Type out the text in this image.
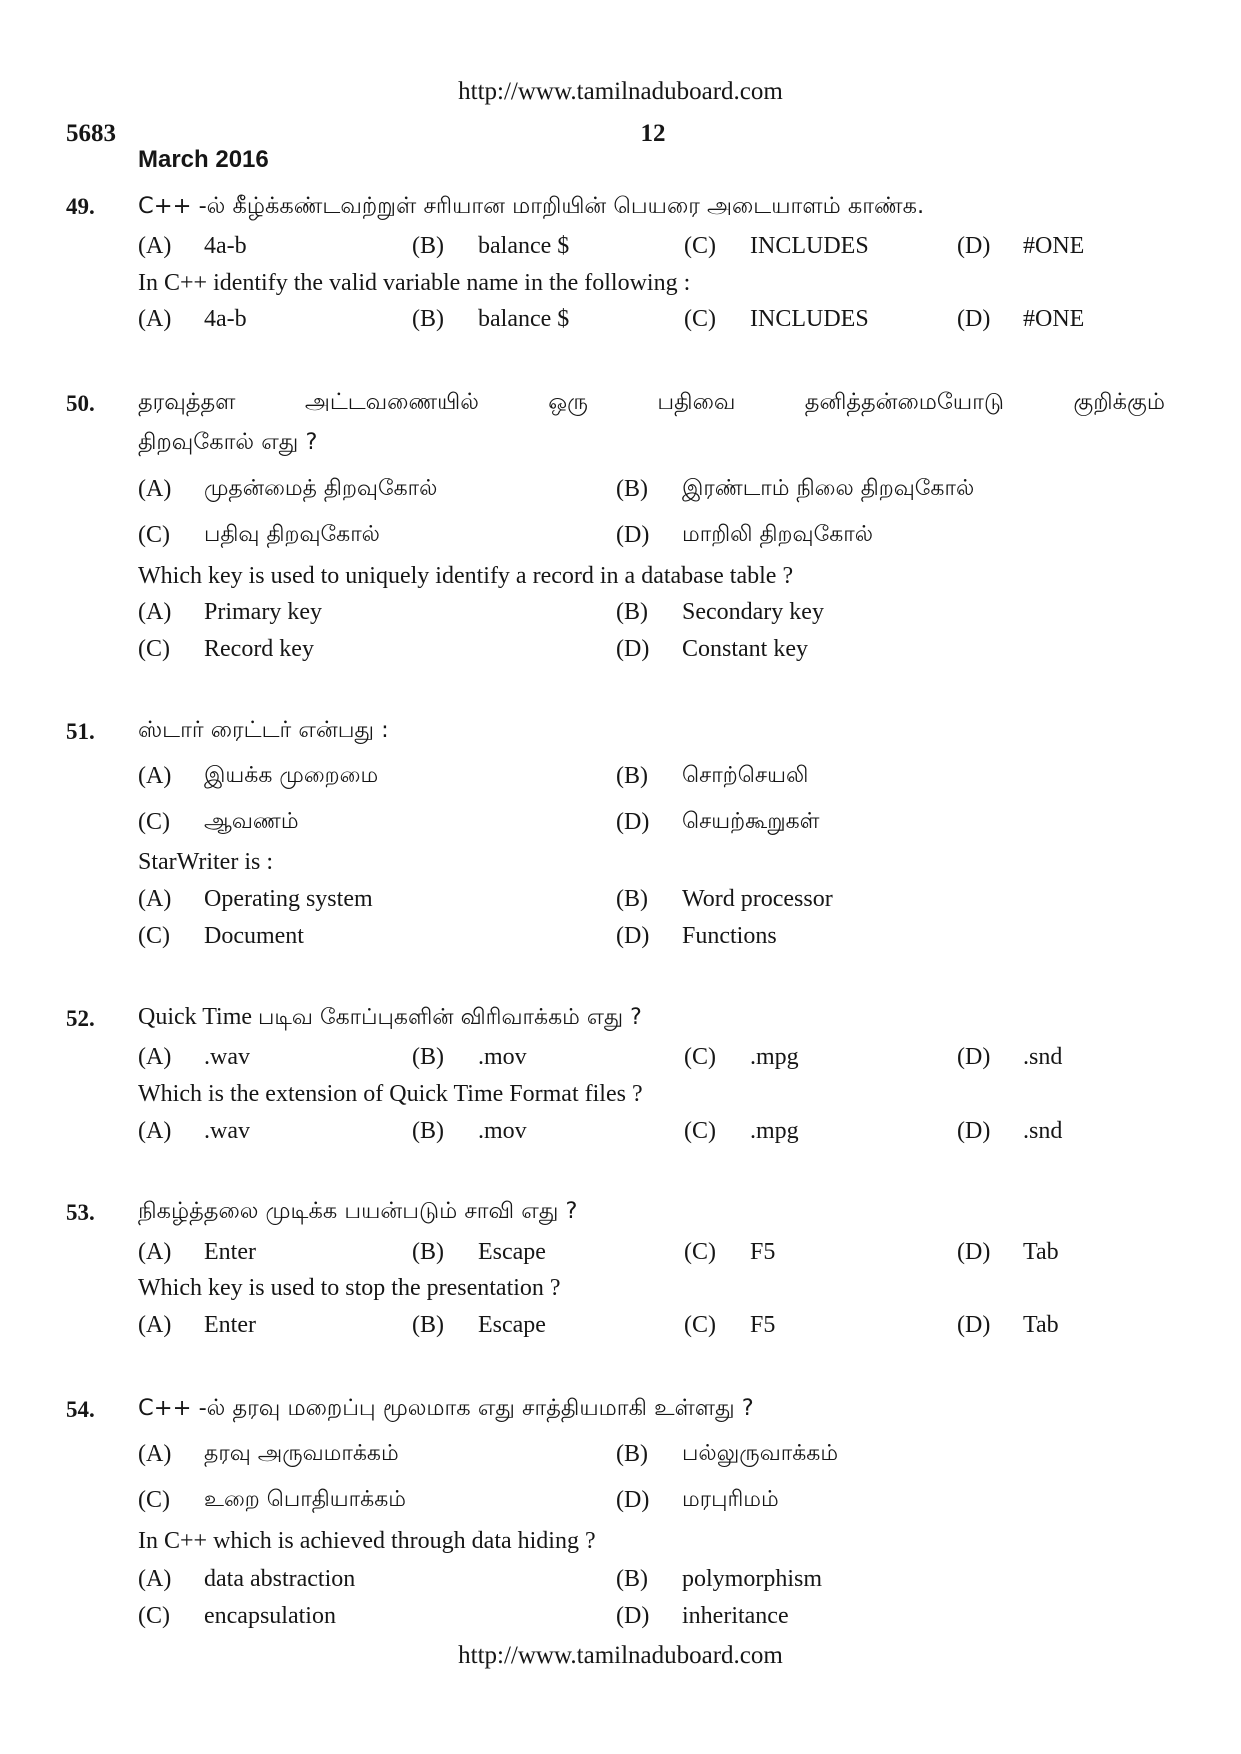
http://www.tamilnaduboard.com
5683	12
March 2016
49. C++ -ல் கீழ்க்கண்டவற்றுள் சரியான மாறியின் பெயரை அடையாளம் காண்க.
(A)	4a-b	(B)	balance $	(C)	INCLUDES	(D)	#ONE
In C++ identify the valid variable name in the following :
(A)	4a-b	(B)	balance $	(C)	INCLUDES	(D)	#ONE
50. தரவுத்தள அட்டவணையில் ஒரு பதிவை தனித்தன்மையோடு குறிக்கும்
திறவுகோல் எது ?
(A)	முதன்மைத் திறவுகோல்	(B)	இரண்டாம் நிலை திறவுகோல்
(C)	பதிவு திறவுகோல்	(D)	மாறிலி திறவுகோல்
Which key is used to uniquely identify a record in a database table ?
(A)	Primary key	(B)	Secondary key
(C)	Record key	(D)	Constant key
51. ஸ்டார் ரைட்டர் என்பது :
(A)	இயக்க முறைமை	(B)	சொற்செயலி
(C)	ஆவணம்	(D)	செயற்கூறுகள்
StarWriter is :
(A)	Operating system	(B)	Word processor
(C)	Document	(D)	Functions
52. Quick Time படிவ கோப்புகளின் விரிவாக்கம் எது ?
(A)	.wav	(B)	.mov	(C)	.mpg	(D)	.snd
Which is the extension of Quick Time Format files ?
(A)	.wav	(B)	.mov	(C)	.mpg	(D)	.snd
53. நிகழ்த்தலை முடிக்க பயன்படும் சாவி எது ?
(A)	Enter	(B)	Escape	(C)	F5	(D)	Tab
Which key is used to stop the presentation ?
(A)	Enter	(B)	Escape	(C)	F5	(D)	Tab
54. C++ -ல் தரவு மறைப்பு மூலமாக எது சாத்தியமாகி உள்ளது ?
(A)	தரவு அருவமாக்கம்	(B)	பல்லுருவாக்கம்
(C)	உறை பொதியாக்கம்	(D)	மரபுரிமம்
In C++ which is achieved through data hiding ?
(A)	data abstraction	(B)	polymorphism
(C)	encapsulation	(D)	inheritance
http://www.tamilnaduboard.com
